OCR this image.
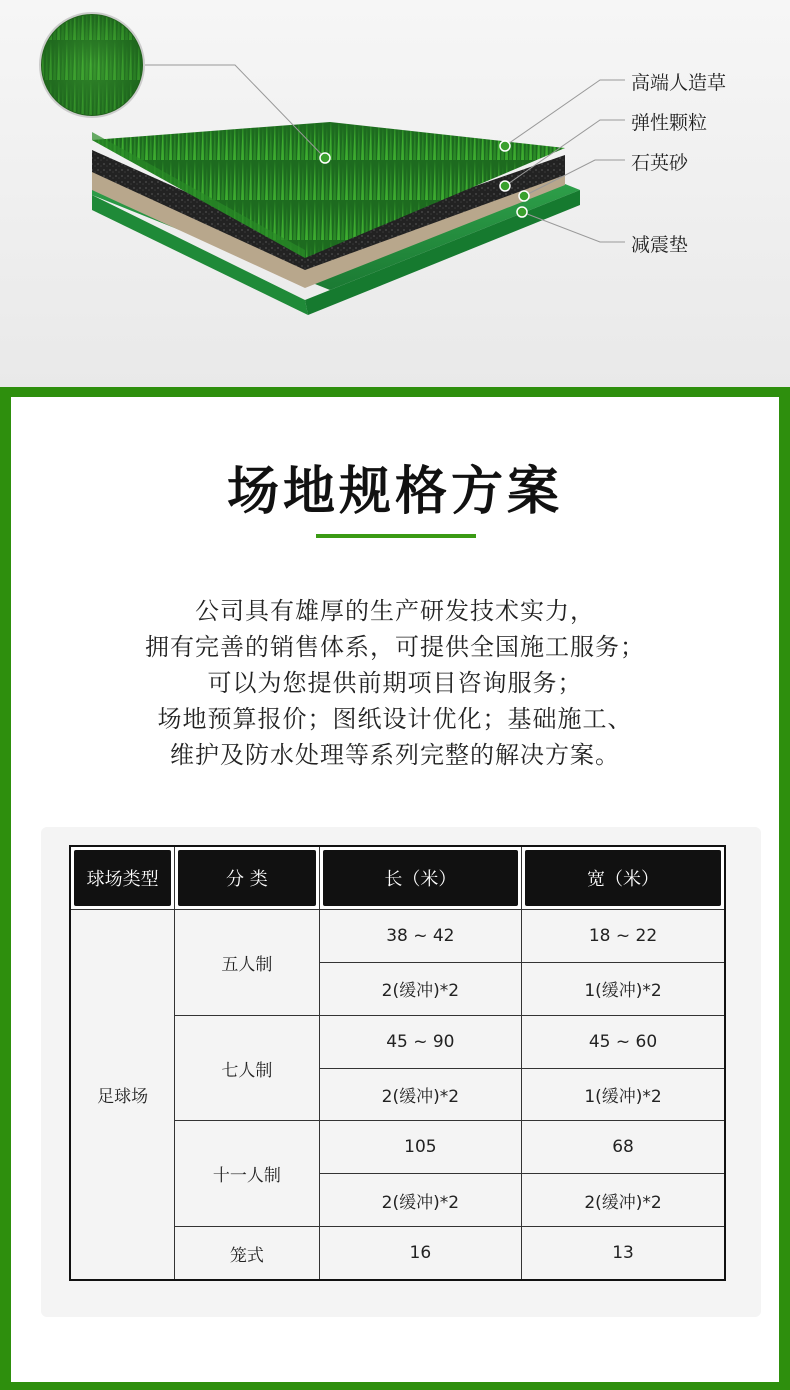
高端人造草
弹性颗粒
石英砂
减震垫
场地规格方案
公司具有雄厚的生产研发技术实力，
拥有完善的销售体系，可提供全国施工服务；
可以为您提供前期项目咨询服务；
场地预算报价；图纸设计优化；基础施工、
维护及防水处理等系列完整的解决方案。
球场类型	分 类	长（米）	宽（米）

足球场	五人制	38 ~ 42	18 ~ 22
		2(缓冲)*2	1(缓冲)*2
	七人制	45 ~ 90	45 ~ 60
		2(缓冲)*2	1(缓冲)*2
	十一人制	105	68
		2(缓冲)*2	2(缓冲)*2
	笼式	16	13
